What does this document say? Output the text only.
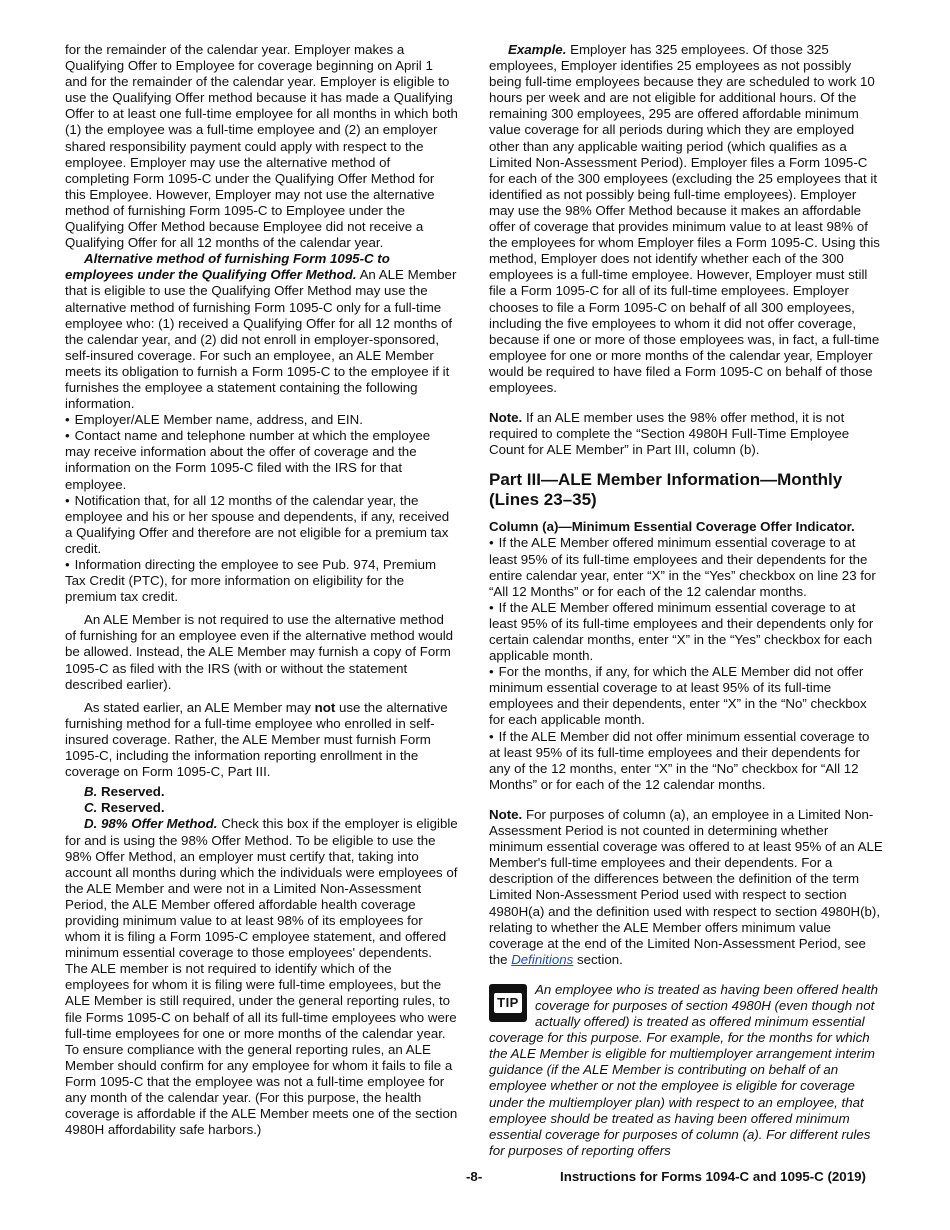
for the remainder of the calendar year. Employer makes a Qualifying Offer to Employee for coverage beginning on April 1 and for the remainder of the calendar year. Employer is eligible to use the Qualifying Offer method because it has made a Qualifying Offer to at least one full-time employee for all months in which both (1) the employee was a full-time employee and (2) an employer shared responsibility payment could apply with respect to the employee. Employer may use the alternative method of completing Form 1095-C under the Qualifying Offer Method for this Employee. However, Employer may not use the alternative method of furnishing Form 1095-C to Employee under the Qualifying Offer Method because Employee did not receive a Qualifying Offer for all 12 months of the calendar year.

Alternative method of furnishing Form 1095-C to employees under the Qualifying Offer Method. An ALE Member that is eligible to use the Qualifying Offer Method may use the alternative method of furnishing Form 1095-C only for a full-time employee who: (1) received a Qualifying Offer for all 12 months of the calendar year, and (2) did not enroll in employer-sponsored, self-insured coverage. For such an employee, an ALE Member meets its obligation to furnish a Form 1095-C to the employee if it furnishes the employee a statement containing the following information.

• Employer/ALE Member name, address, and EIN.

• Contact name and telephone number at which the employee may receive information about the offer of coverage and the information on the Form 1095-C filed with the IRS for that employee.

• Notification that, for all 12 months of the calendar year, the employee and his or her spouse and dependents, if any, received a Qualifying Offer and therefore are not eligible for a premium tax credit.

• Information directing the employee to see Pub. 974, Premium Tax Credit (PTC), for more information on eligibility for the premium tax credit.

An ALE Member is not required to use the alternative method of furnishing for an employee even if the alternative method would be allowed. Instead, the ALE Member may furnish a copy of Form 1095-C as filed with the IRS (with or without the statement described earlier).

As stated earlier, an ALE Member may not use the alternative furnishing method for a full-time employee who enrolled in self-insured coverage. Rather, the ALE Member must furnish Form 1095-C, including the information reporting enrollment in the coverage on Form 1095-C, Part III.

B. Reserved.

C. Reserved.

D. 98% Offer Method. Check this box if the employer is eligible for and is using the 98% Offer Method. To be eligible to use the 98% Offer Method, an employer must certify that, taking into account all months during which the individuals were employees of the ALE Member and were not in a Limited Non-Assessment Period, the ALE Member offered affordable health coverage providing minimum value to at least 98% of its employees for whom it is filing a Form 1095-C employee statement, and offered minimum essential coverage to those employees' dependents. The ALE member is not required to identify which of the employees for whom it is filing were full-time employees, but the ALE Member is still required, under the general reporting rules, to file Forms 1095-C on behalf of all its full-time employees who were full-time employees for one or more months of the calendar year. To ensure compliance with the general reporting rules, an ALE Member should confirm for any employee for whom it fails to file a Form 1095-C that the employee was not a full-time employee for any month of the calendar year. (For this purpose, the health coverage is affordable if the ALE Member meets one of the section 4980H affordability safe harbors.)

Example. Employer has 325 employees. Of those 325 employees, Employer identifies 25 employees as not possibly being full-time employees because they are scheduled to work 10 hours per week and are not eligible for additional hours. Of the remaining 300 employees, 295 are offered affordable minimum value coverage for all periods during which they are employed other than any applicable waiting period (which qualifies as a Limited Non-Assessment Period). Employer files a Form 1095-C for each of the 300 employees (excluding the 25 employees that it identified as not possibly being full-time employees). Employer may use the 98% Offer Method because it makes an affordable offer of coverage that provides minimum value to at least 98% of the employees for whom Employer files a Form 1095-C. Using this method, Employer does not identify whether each of the 300 employees is a full-time employee. However, Employer must still file a Form 1095-C for all of its full-time employees. Employer chooses to file a Form 1095-C on behalf of all 300 employees, including the five employees to whom it did not offer coverage, because if one or more of those employees was, in fact, a full-time employee for one or more months of the calendar year, Employer would be required to have filed a Form 1095-C on behalf of those employees.

Note. If an ALE member uses the 98% offer method, it is not required to complete the “Section 4980H Full-Time Employee Count for ALE Member” in Part III, column (b).

Part III—ALE Member Information—Monthly (Lines 23–35)

Column (a)—Minimum Essential Coverage Offer Indicator.

• If the ALE Member offered minimum essential coverage to at least 95% of its full-time employees and their dependents for the entire calendar year, enter “X” in the “Yes” checkbox on line 23 for “All 12 Months” or for each of the 12 calendar months.

• If the ALE Member offered minimum essential coverage to at least 95% of its full-time employees and their dependents only for certain calendar months, enter “X” in the “Yes” checkbox for each applicable month.

• For the months, if any, for which the ALE Member did not offer minimum essential coverage to at least 95% of its full-time employees and their dependents, enter “X” in the “No” checkbox for each applicable month.

• If the ALE Member did not offer minimum essential coverage to at least 95% of its full-time employees and their dependents for any of the 12 months, enter “X” in the “No” checkbox for “All 12 Months” or for each of the 12 calendar months.

Note. For purposes of column (a), an employee in a Limited Non-Assessment Period is not counted in determining whether minimum essential coverage was offered to at least 95% of an ALE Member's full-time employees and their dependents. For a description of the differences between the definition of the term Limited Non-Assessment Period used with respect to section 4980H(a) and the definition used with respect to section 4980H(b), relating to whether the ALE Member offers minimum value coverage at the end of the Limited Non-Assessment Period, see the Definitions section.

TIP
An employee who is treated as having been offered health coverage for purposes of section 4980H (even though not actually offered) is treated as offered minimum essential coverage for this purpose. For example, for the months for which the ALE Member is eligible for multiemployer arrangement interim guidance (if the ALE Member is contributing on behalf of an employee whether or not the employee is eligible for coverage under the multiemployer plan) with respect to an employee, that employee should be treated as having been offered minimum essential coverage for purposes of column (a). For different rules for purposes of reporting offers
-8-	Instructions for Forms 1094-C and 1095-C (2019)
